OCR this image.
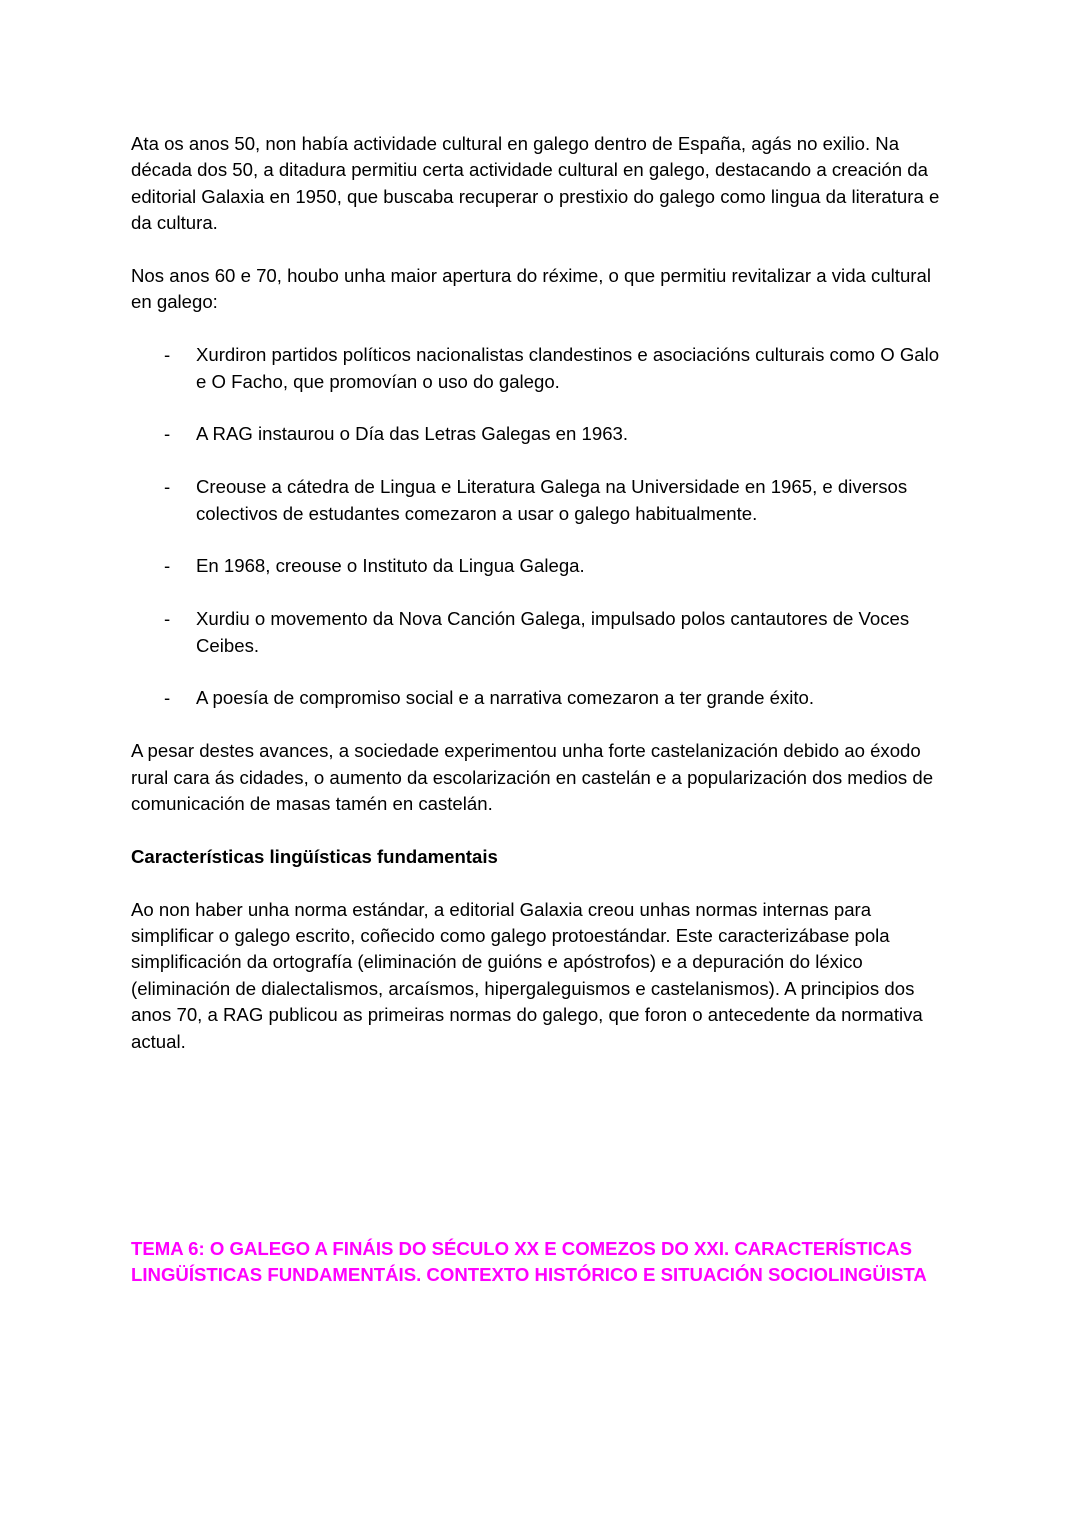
Ata os anos 50, non había actividade cultural en galego dentro de España, agás no exilio. Na década dos 50, a ditadura permitiu certa actividade cultural en galego, destacando a creación da editorial Galaxia en 1950, que buscaba recuperar o prestixio do galego como lingua da literatura e da cultura.

Nos anos 60 e 70, houbo unha maior apertura do réxime, o que permitiu revitalizar a vida cultural en galego:

- Xurdiron partidos políticos nacionalistas clandestinos e asociacións culturais como O Galo e O Facho, que promovían o uso do galego.
- A RAG instaurou o Día das Letras Galegas en 1963.
- Creouse a cátedra de Lingua e Literatura Galega na Universidade en 1965, e diversos colectivos de estudantes comezaron a usar o galego habitualmente.
- En 1968, creouse o Instituto da Lingua Galega.
- Xurdiu o movemento da Nova Canción Galega, impulsado polos cantautores de Voces Ceibes.
- A poesía de compromiso social e a narrativa comezaron a ter grande éxito.

A pesar destes avances, a sociedade experimentou unha forte castelanización debido ao éxodo rural cara ás cidades, o aumento da escolarización en castelán e a popularización dos medios de comunicación de masas tamén en castelán.

Características lingüísticas fundamentais

Ao non haber unha norma estándar, a editorial Galaxia creou unhas normas internas para simplificar o galego escrito, coñecido como galego protoestándar. Este caracterizábase pola simplificación da ortografía (eliminación de guións e apóstrofos) e a depuración do léxico (eliminación de dialectalismos, arcaísmos, hipergaleguismos e castelanismos). A principios dos anos 70, a RAG publicou as primeiras normas do galego, que foron o antecedente da normativa actual.

TEMA 6: O GALEGO A FINÁIS DO SÉCULO XX E COMEZOS DO XXI. CARACTERÍSTICAS LINGÜÍSTICAS FUNDAMENTÁIS. CONTEXTO HISTÓRICO E SITUACIÓN SOCIOLINGÜISTA
